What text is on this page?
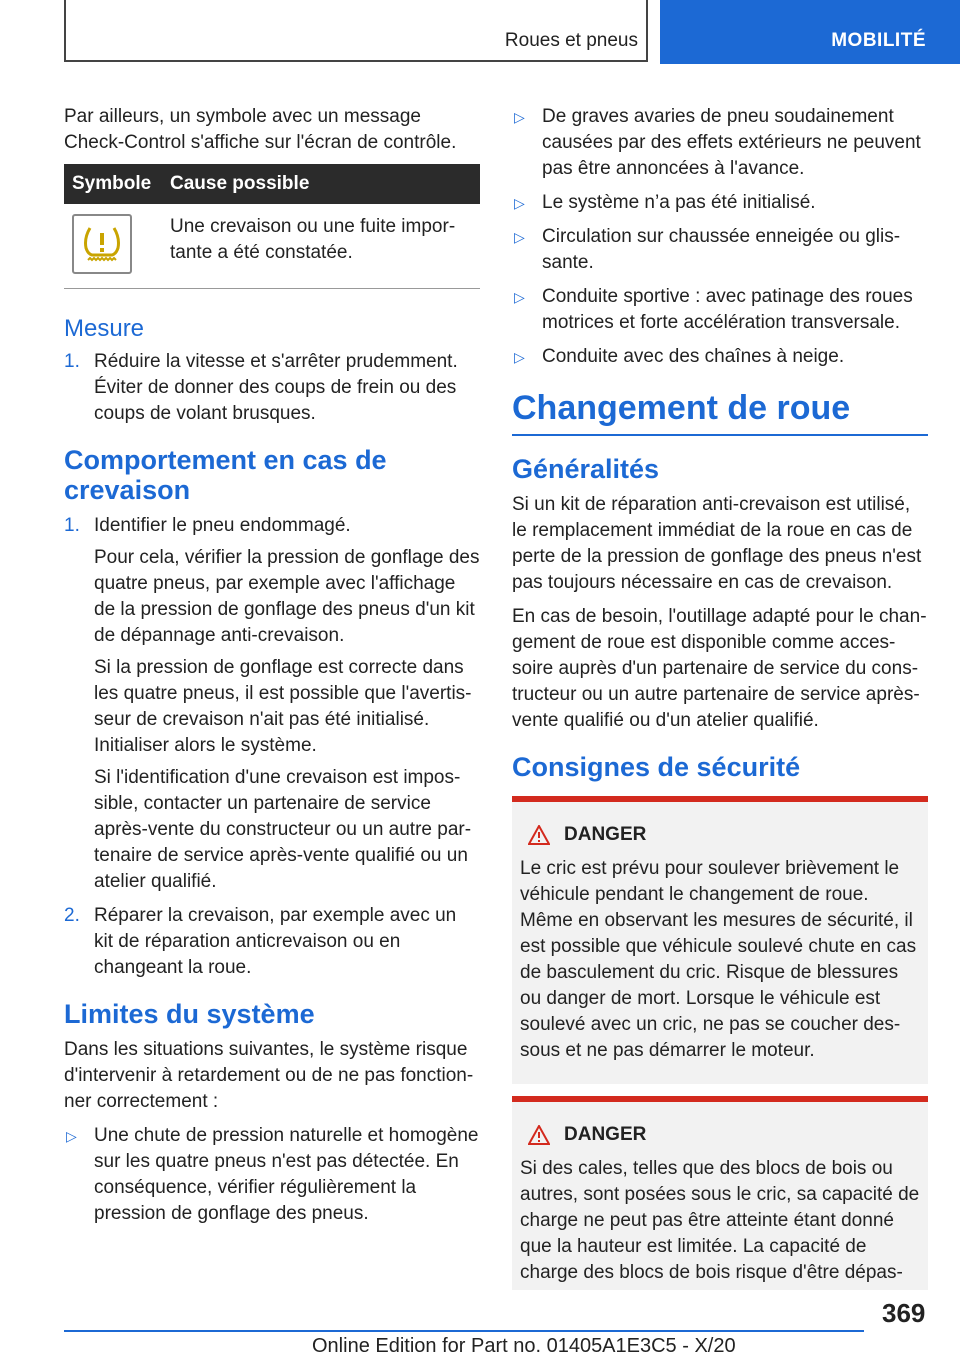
Roues et pneus	MOBILITÉ

Par ailleurs, un symbole avec un message Check-Control s'affiche sur l'écran de contrôle.

Symbole	Cause possible

	Une crevaison ou une fuite importante a été constatée.
Mesure
1. Réduire la vitesse et s'arrêter prudemment. Éviter de donner des coups de frein ou des coups de volant brusques.
Comportement en cas de crevaison
1. Identifier le pneu endommagé.

Pour cela, vérifier la pression de gonflage des quatre pneus, par exemple avec l'affichage de la pression de gonflage des pneus d'un kit de dépannage anti-crevaison.

Si la pression de gonflage est correcte dans les quatre pneus, il est possible que l'avertisseur de crevaison n'ait pas été initialisé. Initialiser alors le système.

Si l'identification d'une crevaison est impossible, contacter un partenaire de service après-vente du constructeur ou un autre partenaire de service après-vente qualifié ou un atelier qualifié.

2. Réparer la crevaison, par exemple avec un kit de réparation anticrevaison ou en changeant la roue.
Limites du système

Dans les situations suivantes, le système risque d'intervenir à retardement ou de ne pas fonctionner correctement :

▷ Une chute de pression naturelle et homogène sur les quatre pneus n'est pas détectée. En conséquence, vérifier régulièrement la pression de gonflage des pneus.
▷ De graves avaries de pneu soudainement causées par des effets extérieurs ne peuvent pas être annoncées à l'avance.
▷ Le système n’a pas été initialisé.
▷ Circulation sur chaussée enneigée ou glissante.
▷ Conduite sportive : avec patinage des roues motrices et forte accélération transversale.
▷ Conduite avec des chaînes à neige.
Changement de roue
Généralités

Si un kit de réparation anti-crevaison est utilisé, le remplacement immédiat de la roue en cas de perte de la pression de gonflage des pneus n'est pas toujours nécessaire en cas de crevaison.

En cas de besoin, l'outillage adapté pour le changement de roue est disponible comme accessoire auprès d'un partenaire de service du constructeur ou un autre partenaire de service après-vente qualifié ou d'un atelier qualifié.

Consignes de sécurité
DANGER

Le cric est prévu pour soulever brièvement le véhicule pendant le changement de roue. Même en observant les mesures de sécurité, il est possible que véhicule soulevé chute en cas de basculement du cric. Risque de blessures ou danger de mort. Lorsque le véhicule est soulevé avec un cric, ne pas se coucher dessous et ne pas démarrer le moteur.

DANGER

Si des cales, telles que des blocs de bois ou autres, sont posées sous le cric, sa capacité de charge ne peut pas être atteinte étant donné que la hauteur est limitée. La capacité de charge des blocs de bois risque d'être dépas-

369
Online Edition for Part no. 01405A1E3C5 - X/20
